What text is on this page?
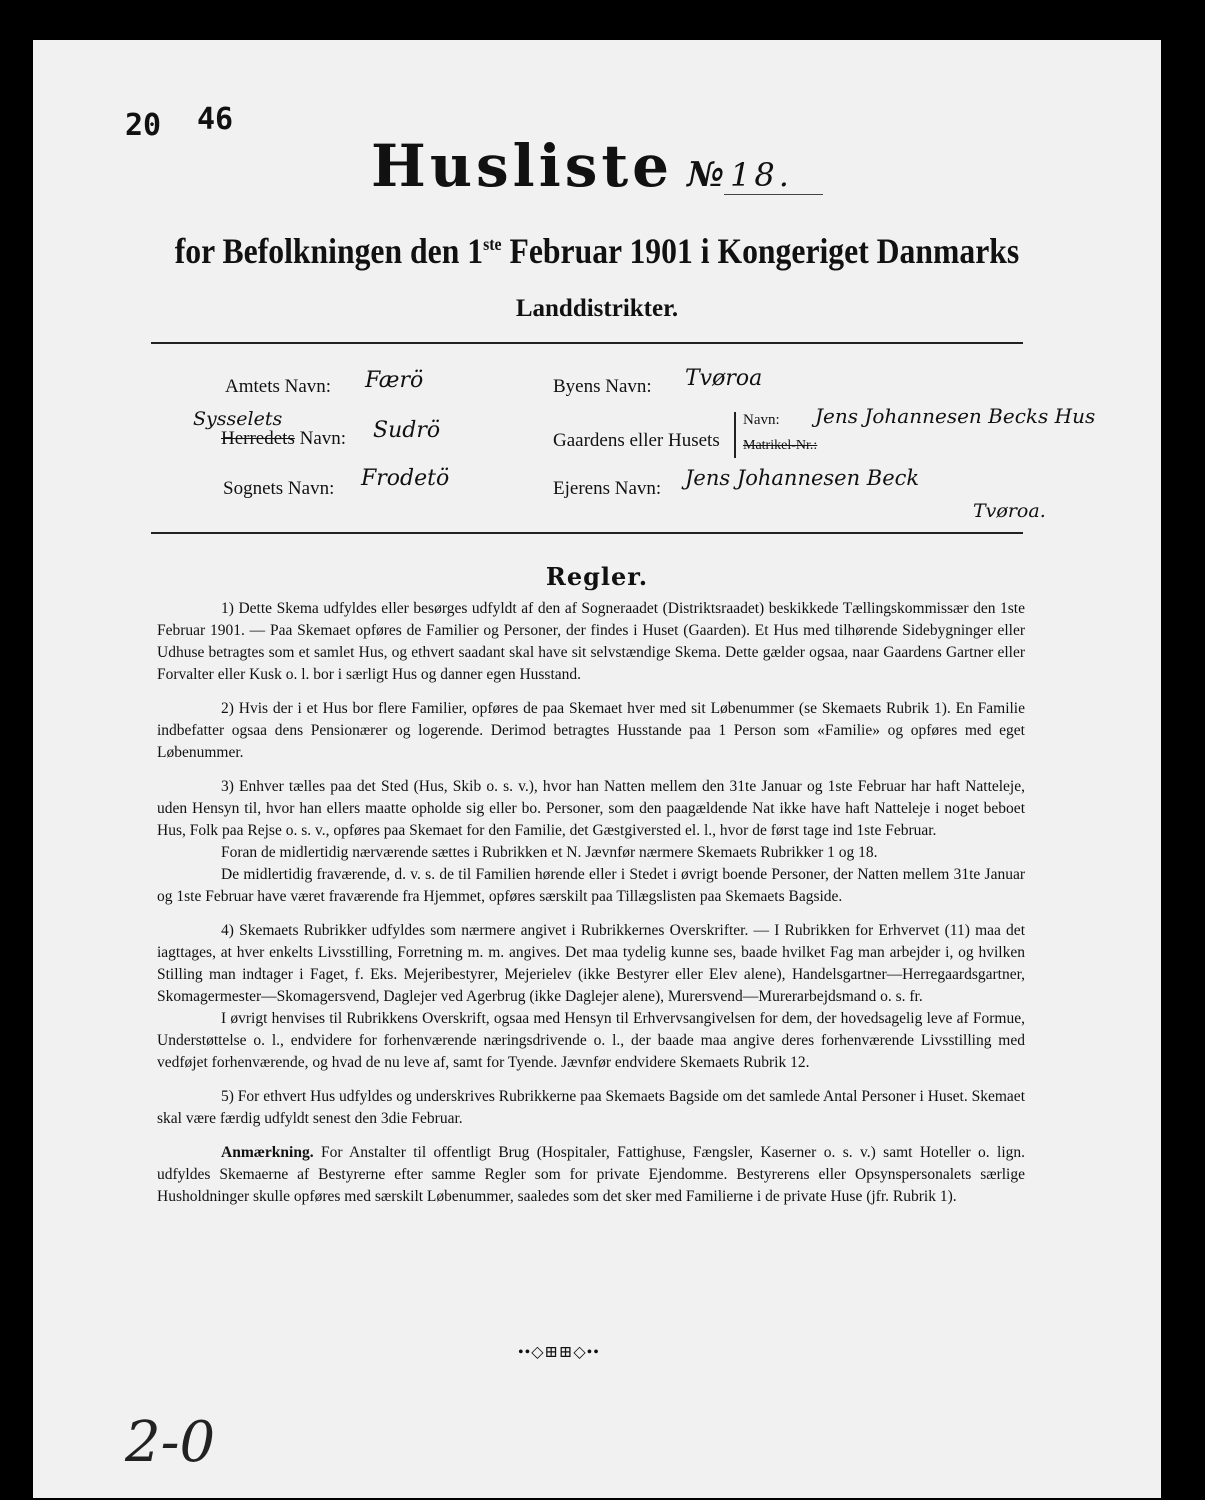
20 46
Husliste № 18.
for Befolkningen den 1ste Februar 1901 i Kongeriget Danmarks
Landdistrikter.
Amtets Navn: Færö
Sysselets
Herredets Navn: Sudrö
Sognets Navn: Frodetö
Byens Navn: Tvøroa
Gaardens eller Husets
Navn: Jens Johannesen Becks Hus
Matrikel-Nr.:
Ejerens Navn: Jens Johannesen Beck
Tvøroa.
Regler.

1) Dette Skema udfyldes eller besørges udfyldt af den af Sogneraadet (Distriktsraadet) beskikkede Tællingskommissær den 1ste Februar 1901. — Paa Skemaet opføres de Familier og Personer, der findes i Huset (Gaarden). Et Hus med tilhørende Sidebygninger eller Udhuse betragtes som et samlet Hus, og ethvert saadant skal have sit selvstændige Skema. Dette gælder ogsaa, naar Gaardens Gartner eller Forvalter eller Kusk o. l. bor i særligt Hus og danner egen Husstand.

2) Hvis der i et Hus bor flere Familier, opføres de paa Skemaet hver med sit Løbenummer (se Skemaets Rubrik 1). En Familie indbefatter ogsaa dens Pensionærer og logerende. Derimod betragtes Husstande paa 1 Person som «Familie» og opføres med eget Løbenummer.

3) Enhver tælles paa det Sted (Hus, Skib o. s. v.), hvor han Natten mellem den 31te Januar og 1ste Februar har haft Natteleje, uden Hensyn til, hvor han ellers maatte opholde sig eller bo. Personer, som den paagældende Nat ikke have haft Natteleje i noget beboet Hus, Folk paa Rejse o. s. v., opføres paa Skemaet for den Familie, det Gæstgiversted el. l., hvor de først tage ind 1ste Februar.

Foran de midlertidig nærværende sættes i Rubrikken et N. Jævnfør nærmere Skemaets Rubrikker 1 og 18.

De midlertidig fraværende, d. v. s. de til Familien hørende eller i Stedet i øvrigt boende Personer, der Natten mellem 31te Januar og 1ste Februar have været fraværende fra Hjemmet, opføres særskilt paa Tillægslisten paa Skemaets Bagside.

4) Skemaets Rubrikker udfyldes som nærmere angivet i Rubrikkernes Overskrifter. — I Rubrikken for Erhvervet (11) maa det iagttages, at hver enkelts Livsstilling, Forretning m. m. angives. Det maa tydelig kunne ses, baade hvilket Fag man arbejder i, og hvilken Stilling man indtager i Faget, f. Eks. Mejeribestyrer, Mejerielev (ikke Bestyrer eller Elev alene), Handelsgartner—Herregaardsgartner, Skomagermester—Skomagersvend, Daglejer ved Agerbrug (ikke Daglejer alene), Murersvend—Murerarbejdsmand o. s. fr.

I øvrigt henvises til Rubrikkens Overskrift, ogsaa med Hensyn til Erhvervsangivelsen for dem, der hovedsagelig leve af Formue, Understøttelse o. l., endvidere for forhenværende næringsdrivende o. l., der baade maa angive deres forhenværende Livsstilling med vedføjet forhenværende, og hvad de nu leve af, samt for Tyende. Jævnfør endvidere Skemaets Rubrik 12.

5) For ethvert Hus udfyldes og underskrives Rubrikkerne paa Skemaets Bagside om det samlede Antal Personer i Huset. Skemaet skal være færdig udfyldt senest den 3die Februar.

Anmærkning. For Anstalter til offentligt Brug (Hospitaler, Fattighuse, Fængsler, Kaserner o. s. v.) samt Hoteller o. lign. udfyldes Skemaerne af Bestyrerne efter samme Regler som for private Ejendomme. Bestyrerens eller Opsynspersonalets særlige Husholdninger skulle opføres med særskilt Løbenummer, saaledes som det sker med Familierne i de private Huse (jfr. Rubrik 1).

••◇⊞⊞◇••
2-0
